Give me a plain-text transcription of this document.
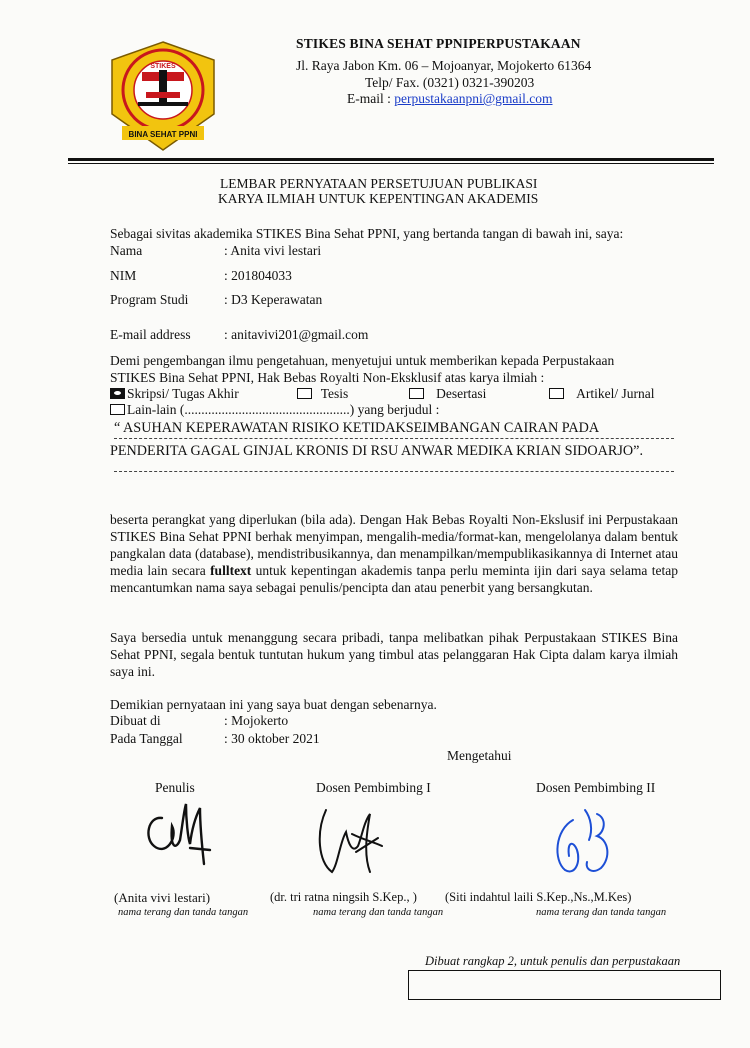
STIKES
BINA SEHAT PPNI
STIKES BINA SEHAT PPNIPERPUSTAKAAN
Jl. Raya Jabon Km. 06 – Mojoanyar, Mojokerto 61364
Telp/ Fax. (0321) 0321-390203
E-mail : perpustakaanpni@gmail.com
LEMBAR PERNYATAAN PERSETUJUAN PUBLIKASI
KARYA ILMIAH UNTUK KEPENTINGAN AKADEMIS
Sebagai sivitas akademika STIKES Bina Sehat PPNI, yang bertanda tangan di bawah ini, saya:
Nama	: Anita vivi lestari
NIM	: 201804033
Program Studi	: D3 Keperawatan
E-mail address : anitavivi201@gmail.com
Demi pengembangan ilmu pengetahuan, menyetujui untuk memberikan kepada Perpustakaan
STIKES Bina Sehat PPNI, Hak Bebas Royalti Non-Eksklusif atas karya ilmiah :
Skripsi/ Tugas Akhir	Tesis	Desertasi	Artikel/ Jurnal
Lain-lain (.................................................) yang berjudul :
“ ASUHAN KEPERAWATAN RISIKO KETIDAKSEIMBANGAN CAIRAN PADA
PENDERITA GAGAL GINJAL KRONIS DI RSU ANWAR MEDIKA KRIAN SIDOARJO”.
beserta perangkat yang diperlukan (bila ada). Dengan Hak Bebas Royalti Non-Ekslusif ini Perpustakaan STIKES Bina Sehat PPNI berhak menyimpan, mengalih-media/format-kan, mengelolanya dalam bentuk pangkalan data (database), mendistribusikannya, dan menampilkan/mempublikasikannya di Internet atau media lain secara fulltext untuk kepentingan akademis tanpa perlu meminta ijin dari saya selama tetap mencantumkan nama saya sebagai penulis/pencipta dan atau penerbit yang bersangkutan.
Saya bersedia untuk menanggung secara pribadi, tanpa melibatkan pihak Perpustakaan STIKES Bina Sehat PPNI, segala bentuk tuntutan hukum yang timbul atas pelanggaran Hak Cipta dalam karya ilmiah saya ini.
Demikian pernyataan ini yang saya buat dengan sebenarnya.
Dibuat di	: Mojokerto
Pada Tanggal	: 30 oktober 2021
Mengetahui
Penulis	Dosen Pembimbing I	Dosen Pembimbing II
(Anita vivi lestari)	(dr. tri ratna ningsih S.Kep., ) (Siti indahtul laili S.Kep.,Ns.,M.Kes)
nama terang dan tanda tangan	nama terang dan tanda tangan	nama terang dan tanda tangan
Dibuat rangkap 2, untuk penulis dan perpustakaan
